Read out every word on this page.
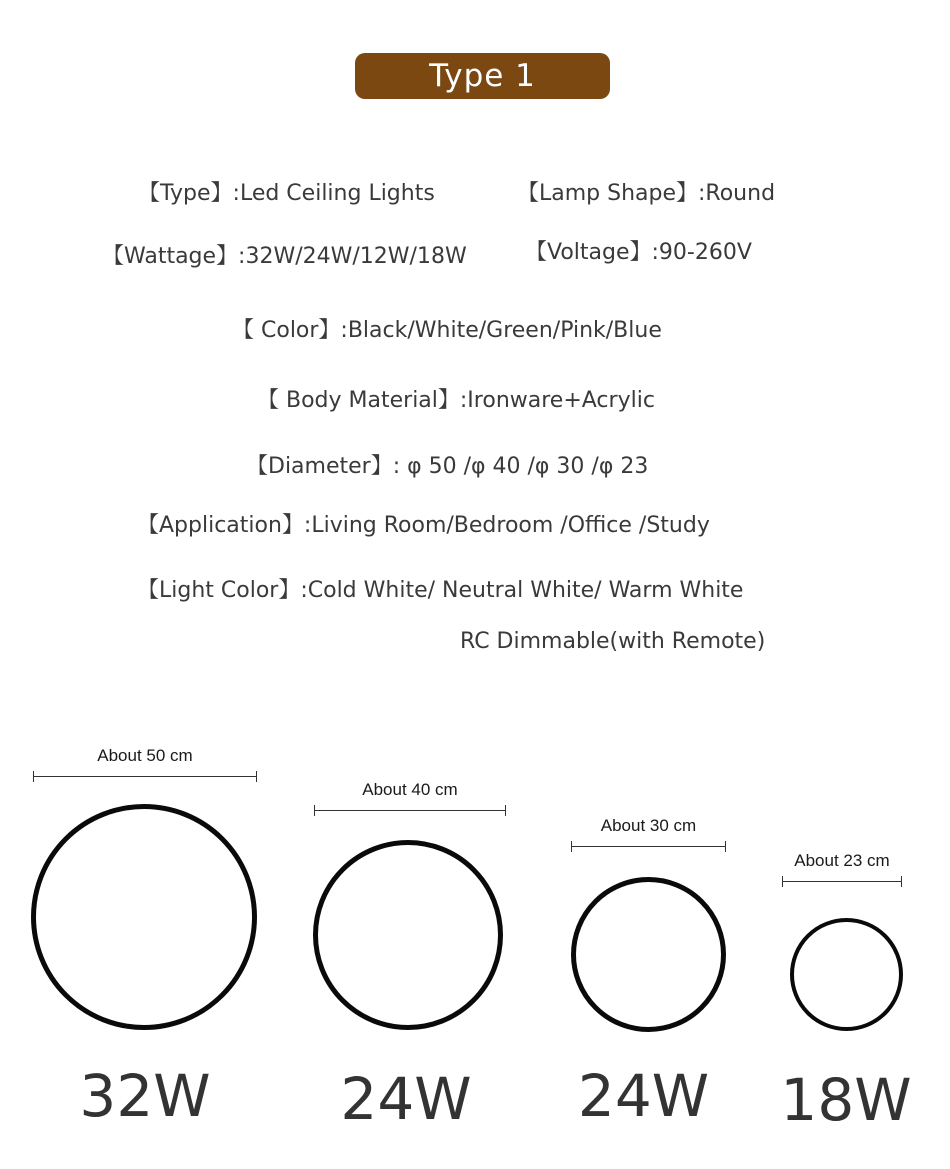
Type 1
【Type】:Led Ceiling Lights	【Lamp Shape】:Round
【Wattage】:32W/24W/12W/18W	【Voltage】:90-260V
【 Color】:Black/White/Green/Pink/Blue
【 Body Material】:Ironware+Acrylic
【Diameter】: φ 50 /φ 40 /φ 30 /φ 23
【Application】:Living Room/Bedroom /Office /Study
【Light Color】:Cold White/ Neutral White/ Warm White
RC Dimmable(with Remote)
About 50 cm
32W
About 40 cm
24W
About 30 cm
24W
About 23 cm
18W
